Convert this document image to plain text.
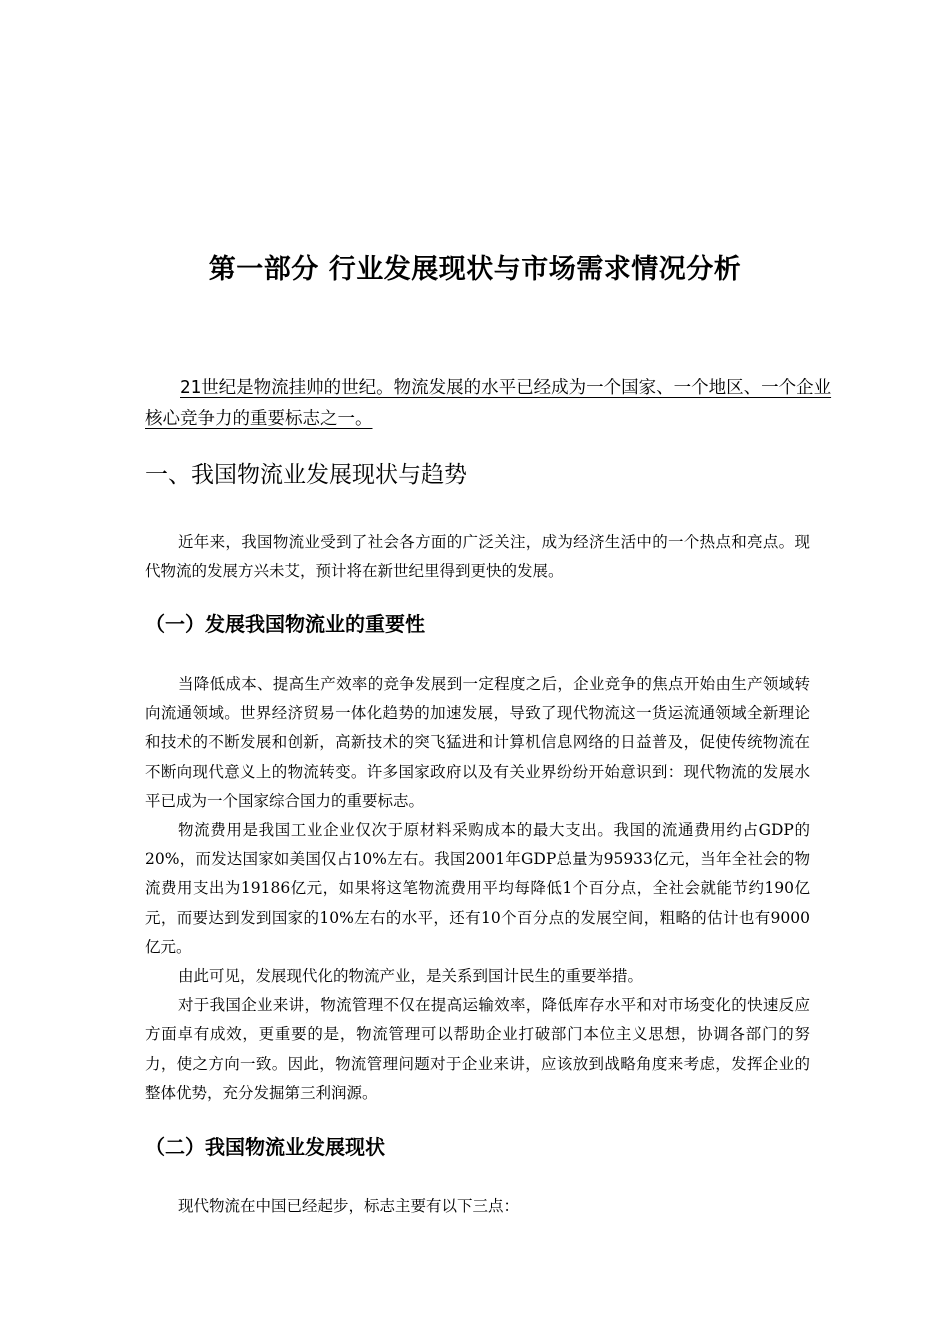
第一部分 行业发展现状与市场需求情况分析
21世纪是物流挂帅的世纪。物流发展的水平已经成为一个国家、一个地区、一个企业核心竞争力的重要标志之一。
一、我国物流业发展现状与趋势

近年来，我国物流业受到了社会各方面的广泛关注，成为经济生活中的一个热点和亮点。现代物流的发展方兴未艾，预计将在新世纪里得到更快的发展。

（一）发展我国物流业的重要性

当降低成本、提高生产效率的竞争发展到一定程度之后，企业竞争的焦点开始由生产领域转向流通领域。世界经济贸易一体化趋势的加速发展，导致了现代物流这一货运流通领域全新理论和技术的不断发展和创新，高新技术的突飞猛进和计算机信息网络的日益普及，促使传统物流在不断向现代意义上的物流转变。许多国家政府以及有关业界纷纷开始意识到：现代物流的发展水平已成为一个国家综合国力的重要标志。

物流费用是我国工业企业仅次于原材料采购成本的最大支出。我国的流通费用约占GDP的20%，而发达国家如美国仅占10%左右。我国2001年GDP总量为95933亿元，当年全社会的物流费用支出为19186亿元，如果将这笔物流费用平均每降低1个百分点，全社会就能节约190亿元，而要达到发到国家的10%左右的水平，还有10个百分点的发展空间，粗略的估计也有9000亿元。

由此可见，发展现代化的物流产业，是关系到国计民生的重要举措。

对于我国企业来讲，物流管理不仅在提高运输效率，降低库存水平和对市场变化的快速反应方面卓有成效，更重要的是，物流管理可以帮助企业打破部门本位主义思想，协调各部门的努力，使之方向一致。因此，物流管理问题对于企业来讲，应该放到战略角度来考虑，发挥企业的整体优势，充分发掘第三利润源。

（二）我国物流业发展现状

现代物流在中国已经起步，标志主要有以下三点：
